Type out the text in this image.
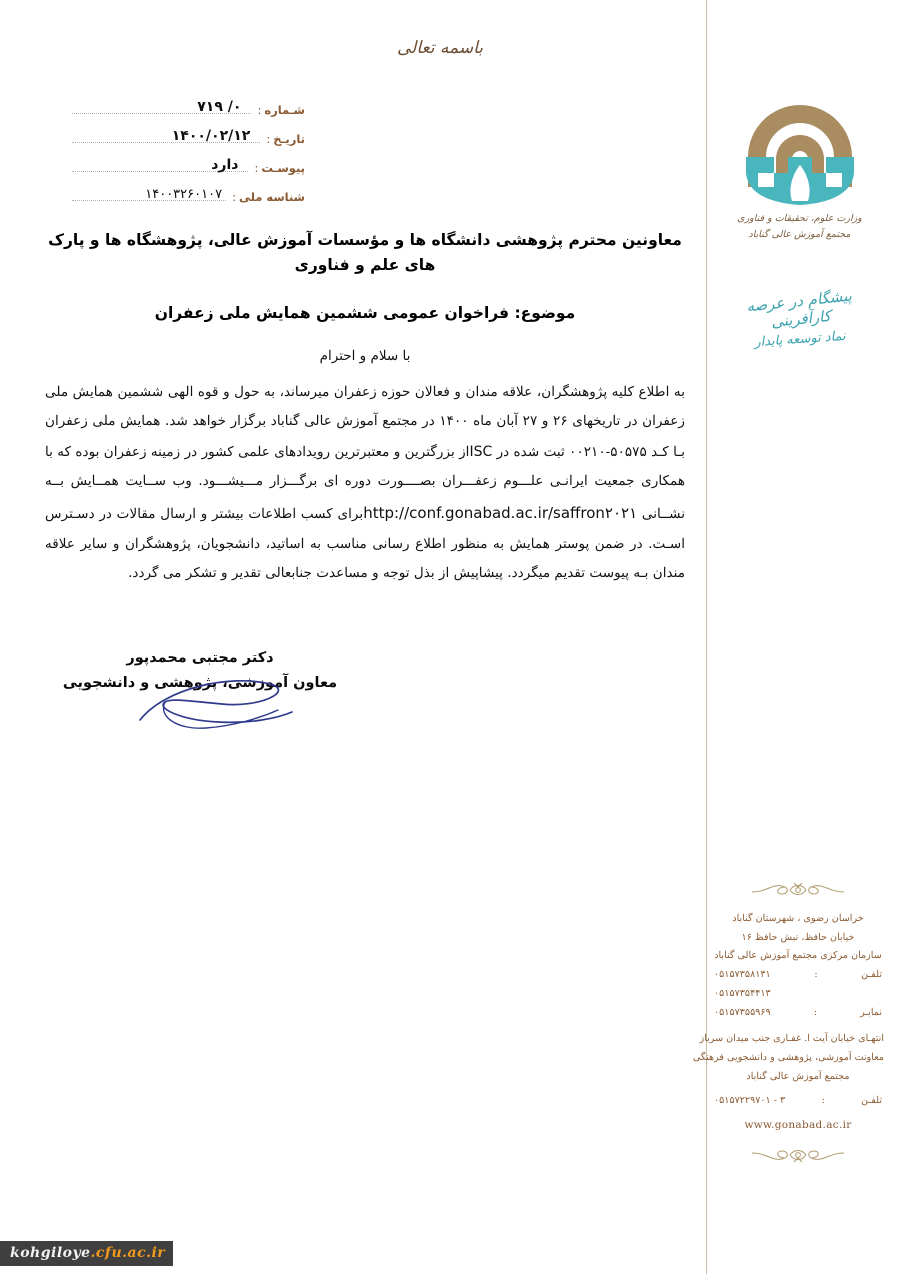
باسمه تعالی
شـماره
:
۰/ ۷۱۹
تاریـخ
:
۱۴۰۰/۰۲/۱۲
پیوسـت
:
دارد
شناسه ملی
:
۱۴۰۰۳۲۶۰۱۰۷
معاونین محترم پژوهشی دانشگاه ها و مؤسسات آموزش عالی، پژوهشگاه ها و پارک های علم و فناوری
موضوع: فراخوان عمومی ششمین همایش ملی زعفران
با سلام و احترام
به اطلاع کلیه پژوهشگران، علاقه مندان و فعالان حوزه زعفران میرساند، به حول و قوه الهی ششمین همایش ملی زعفران در تاریخهای ۲۶ و ۲۷ آبان ماه ۱۴۰۰ در مجتمع آموزش عالی گناباد برگزار خواهد شد. همایش ملی زعفران بـا کـد ۵۰۵۷۵-۰۰۲۱۰ ثبت شده در ISCاز بزرگترین و معتبرترین رویدادهای علمی کشور در زمینه زعفران بوده که با همکاری جمعیت ایرانـی علـــوم زعفـــران بصــــورت دوره ای برگـــزار مـــیشـــود. وب ســایت همــایش بــه نشــانی http://conf.gonabad.ac.ir/saffron۲۰۲۱برای کسب اطلاعات بیشتر و ارسال مقالات در دسـترس اسـت. در ضمن پوستر همایش به منظور اطلاع رسانی مناسب به اساتید، دانشجویان، پژوهشگران و سایر علاقه مندان بـه پیوست تقدیم میگردد. پیشاپیش از بذل توجه و مساعدت جنابعالی تقدیر و تشکر می گردد.
دکتر مجتبی محمدپور
معاون آموزشی، پژوهشی و دانشجویی
وزارت علوم، تحقیقات و فناوری
مجتمع آموزش عالی گناباد
پیشگام در عرصه کارآفرینی
نماد توسعه پایدار
خراسان رضوی ، شهرستان گناباد
خیابان حافظ، نبش حافظ ۱۶
سازمان مرکزی مجتمع آموزش عالی گناباد
تلفـن
:
۰۵۱۵۷۳۵۸۱۳۱
۰۵۱۵۷۳۵۴۴۱۳
نمابـر
:
۰۵۱۵۷۳۵۵۹۶۹
انتهـای خیابان آیت ا. غفـاری جنب میدان سرباز
معاونت آموزشی، پژوهشی و دانشجویی فرهنگی
مجتمع آموزش عالی گناباد
تلفـن
:
۰۵۱۵۷۲۲۹۷۰۱ - ۳
www.gonabad.ac.ir
kohgiloye.cfu.ac.ir
